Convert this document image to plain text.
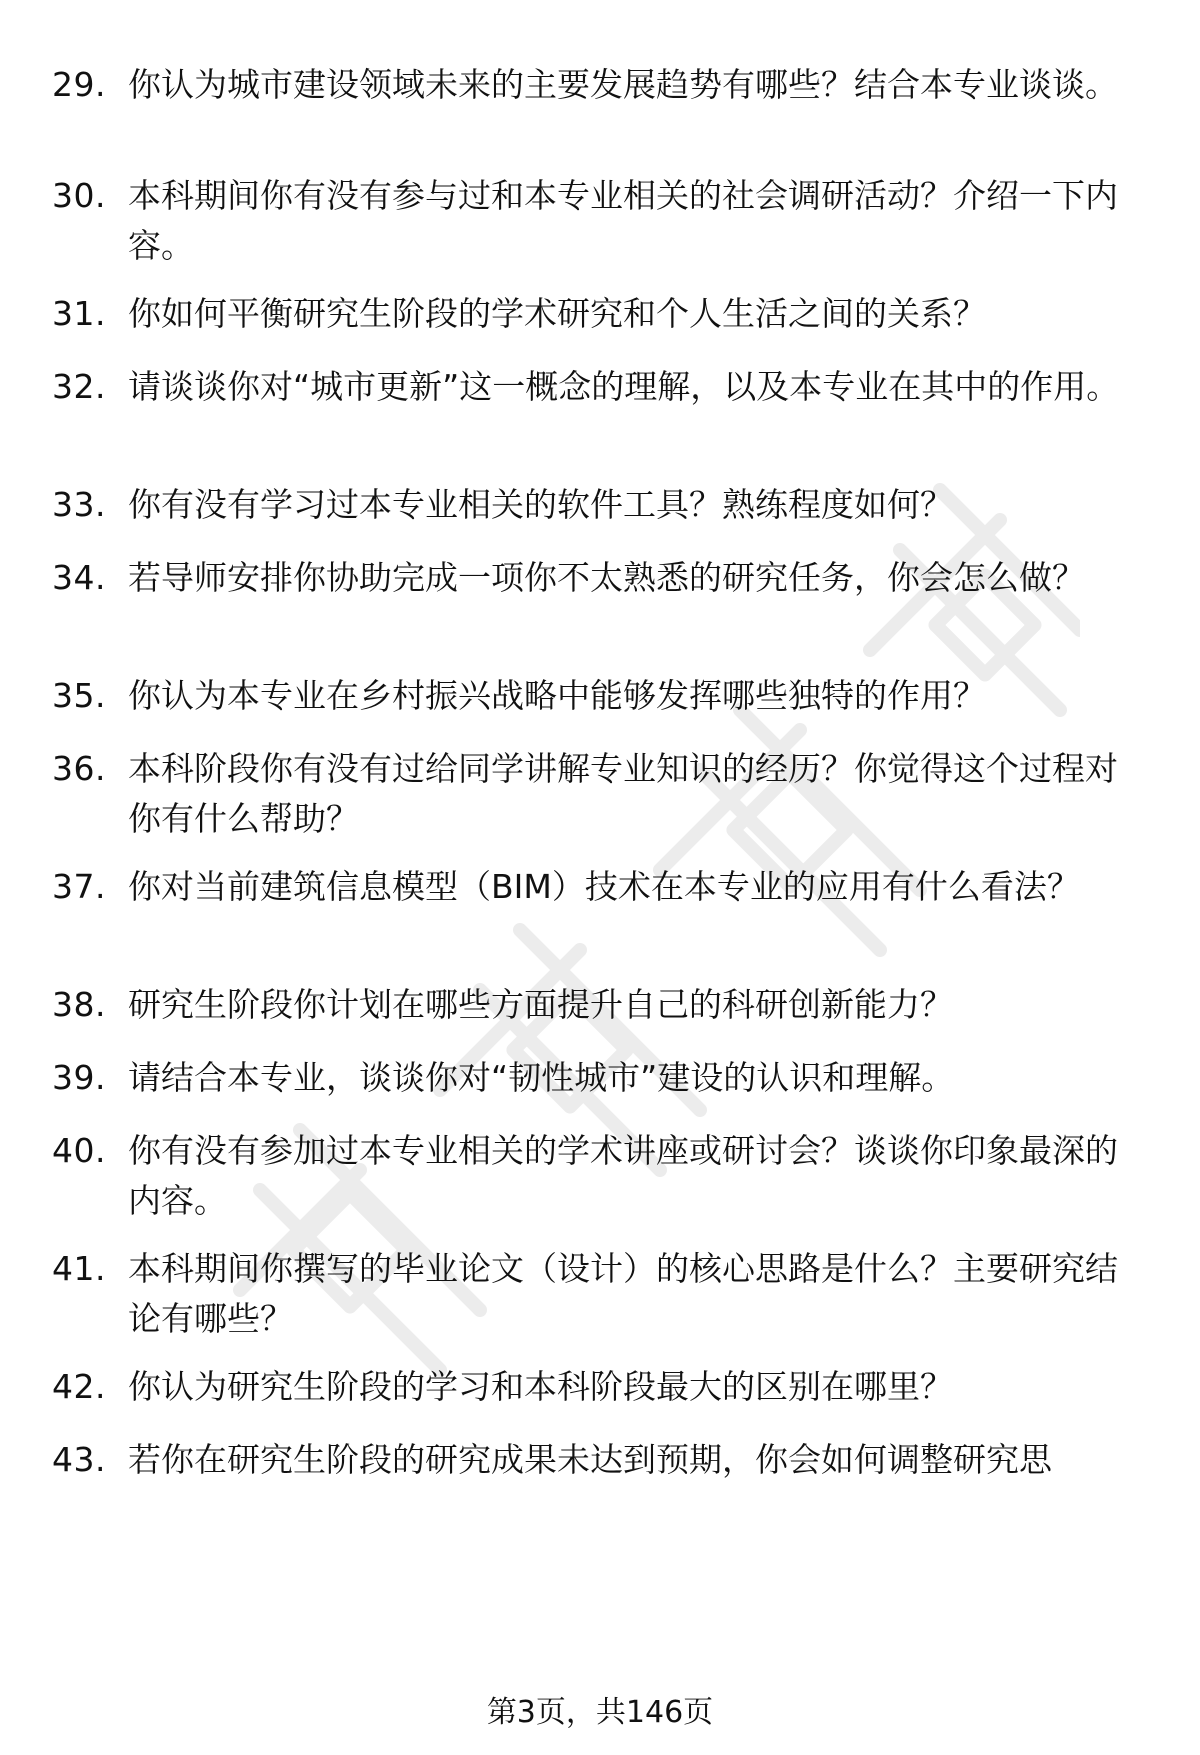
29. 你认为城市建设领域未来的主要发展趋势有哪些？结合本专业谈谈。
30. 本科期间你有没有参与过和本专业相关的社会调研活动？介绍一下内容。
31. 你如何平衡研究生阶段的学术研究和个人生活之间的关系？
32. 请谈谈你对“城市更新”这一概念的理解，以及本专业在其中的作用。
33. 你有没有学习过本专业相关的软件工具？熟练程度如何？
34. 若导师安排你协助完成一项你不太熟悉的研究任务，你会怎么做？
35. 你认为本专业在乡村振兴战略中能够发挥哪些独特的作用？
36. 本科阶段你有没有过给同学讲解专业知识的经历？你觉得这个过程对你有什么帮助？
37. 你对当前建筑信息模型（BIM）技术在本专业的应用有什么看法？
38. 研究生阶段你计划在哪些方面提升自己的科研创新能力？
39. 请结合本专业，谈谈你对“韧性城市”建设的认识和理解。
40. 你有没有参加过本专业相关的学术讲座或研讨会？谈谈你印象最深的内容。
41. 本科期间你撰写的毕业论文（设计）的核心思路是什么？主要研究结论有哪些？
42. 你认为研究生阶段的学习和本科阶段最大的区别在哪里？
43. 若你在研究生阶段的研究成果未达到预期，你会如何调整研究思
第3页，共146页
